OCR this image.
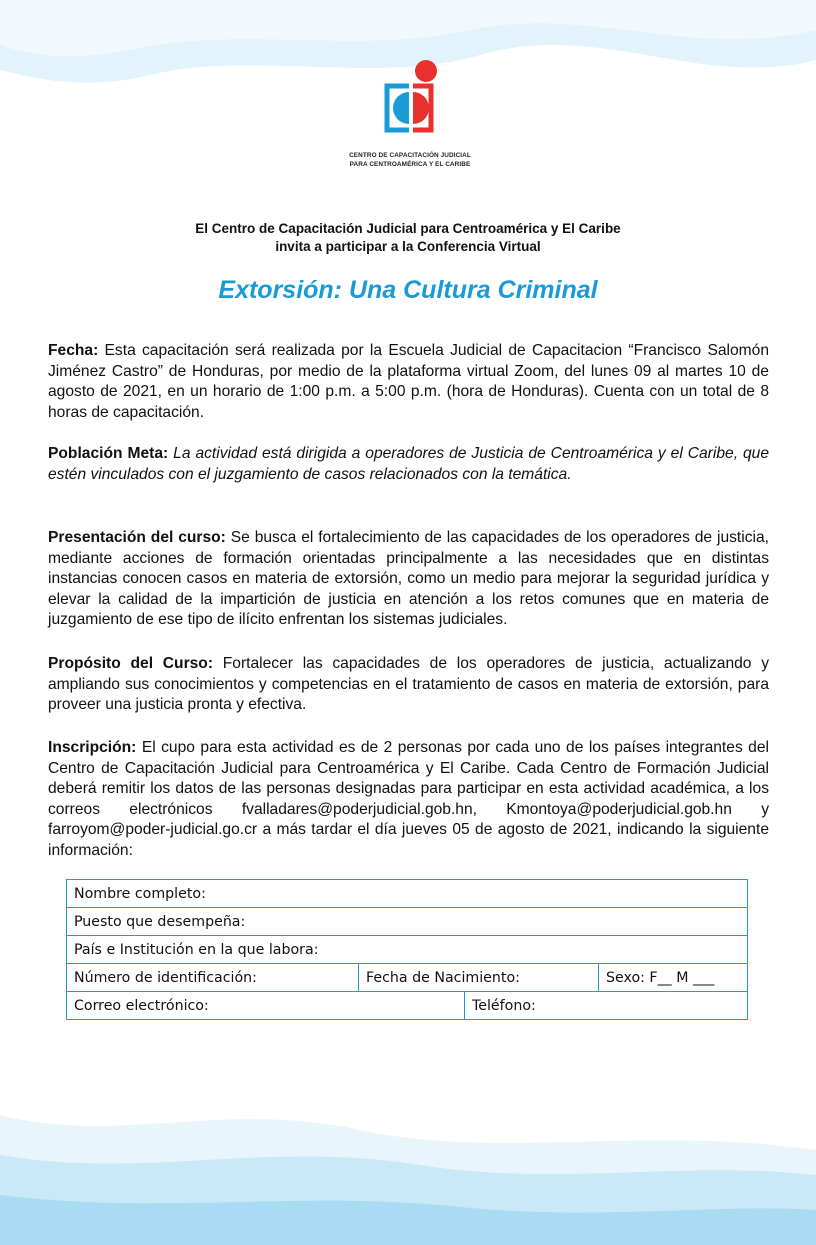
CENTRO DE CAPACITACIÓN JUDICIAL
PARA CENTROAMÉRICA Y EL CARIBE
El Centro de Capacitación Judicial para Centroamérica y El Caribe
invita a participar a la Conferencia Virtual
Extorsión: Una Cultura Criminal

Fecha: Esta capacitación será realizada por la Escuela Judicial de Capacitacion “Francisco Salomón Jiménez Castro” de Honduras, por medio de la plataforma virtual Zoom, del lunes 09 al martes 10 de agosto de 2021, en un horario de 1:00 p.m. a 5:00 p.m. (hora de Honduras). Cuenta con un total de 8 horas de capacitación.

Población Meta: La actividad está dirigida a operadores de Justicia de Centroamérica y el Caribe, que estén vinculados con el juzgamiento de casos relacionados con la temática.

Presentación del curso: Se busca el fortalecimiento de las capacidades de los operadores de justicia, mediante acciones de formación orientadas principalmente a las necesidades que en distintas instancias conocen casos en materia de extorsión, como un medio para mejorar la seguridad jurídica y elevar la calidad de la impartición de justicia en atención a los retos comunes que en materia de juzgamiento de ese tipo de ilícito enfrentan los sistemas judiciales.

Propósito del Curso: Fortalecer las capacidades de los operadores de justicia, actualizando y ampliando sus conocimientos y competencias en el tratamiento de casos en materia de extorsión, para proveer una justicia pronta y efectiva.

Inscripción: El cupo para esta actividad es de 2 personas por cada uno de los países integrantes del Centro de Capacitación Judicial para Centroamérica y El Caribe. Cada Centro de Formación Judicial deberá remitir los datos de las personas designadas para participar en esta actividad académica, a los correos electrónicos fvalladares@poderjudicial.gob.hn, Kmontoya@poderjudicial.gob.hn y farroyom@poder-judicial.go.cr a más tardar el día jueves 05 de agosto de 2021, indicando la siguiente información:

Nombre completo:
Puesto que desempeña:
País e Institución en la que labora:
Número de identificación:	Fecha de Nacimiento:	Sexo: F__ M ___
Correo electrónico:	Teléfono:
